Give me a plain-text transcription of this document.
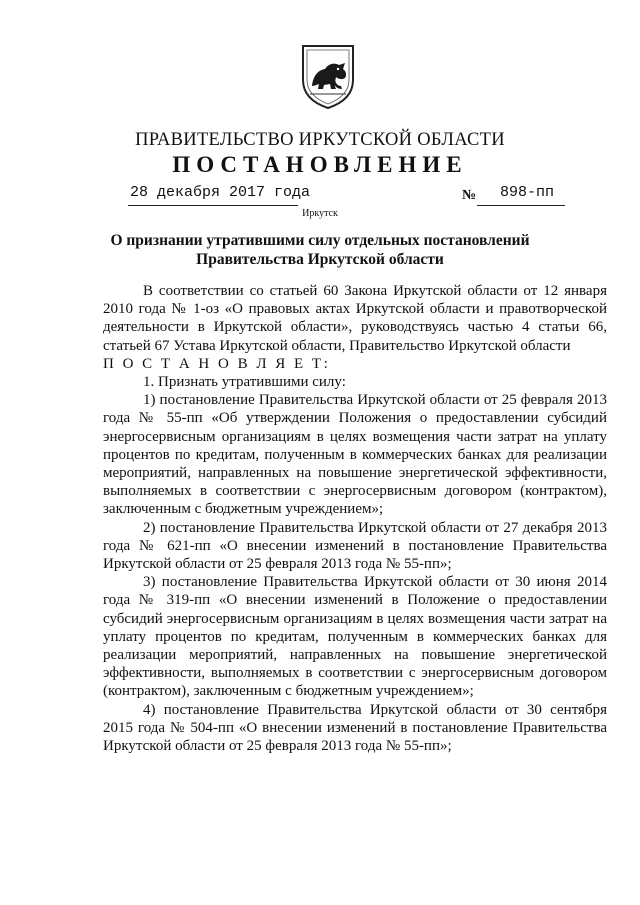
ПРАВИТЕЛЬСТВО ИРКУТСКОЙ ОБЛАСТИ
ПОСТАНОВЛЕНИЕ
28 декабря 2017 года	№ 898-пп
Иркутск
О признании утратившими силу отдельных постановлений
Правительства Иркутской области

В соответствии со статьей 60 Закона Иркутской области от 12 января 2010 года № 1-оз «О правовых актах Иркутской области и правотворческой деятельности в Иркутской области», руководствуясь частью 4 статьи 66, статьей 67 Устава Иркутской области, Правительство Иркутской области

П О С Т А Н О В Л Я Е Т:

1. Признать утратившими силу:

1) постановление Правительства Иркутской области от 25 февраля 2013 года № 55-пп «Об утверждении Положения о предоставлении субсидий энергосервисным организациям в целях возмещения части затрат на уплату процентов по кредитам, полученным в коммерческих банках для реализации мероприятий, направленных на повышение энергетической эффективности, выполняемых в соответствии с энергосервисным договором (контрактом), заключенным с бюджетным учреждением»;

2) постановление Правительства Иркутской области от 27 декабря 2013 года № 621-пп «О внесении изменений в постановление Правительства Иркутской области от 25 февраля 2013 года № 55-пп»;

3) постановление Правительства Иркутской области от 30 июня 2014 года № 319-пп «О внесении изменений в Положение о предоставлении субсидий энергосервисным организациям в целях возмещения части затрат на уплату процентов по кредитам, полученным в коммерческих банках для реализации мероприятий, направленных на повышение энергетической эффективности, выполняемых в соответствии с энергосервисным договором (контрактом), заключенным с бюджетным учреждением»;

4) постановление Правительства Иркутской области от 30 сентября 2015 года № 504-пп «О внесении изменений в постановление Правительства Иркутской области от 25 февраля 2013 года № 55-пп»;
